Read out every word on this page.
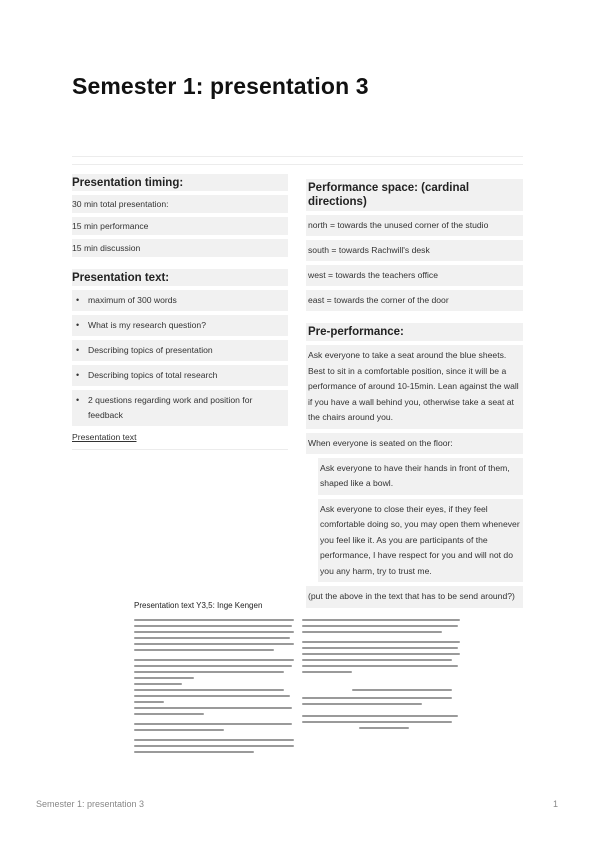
Semester 1: presentation 3
Presentation timing:
30 min total presentation:
15 min performance
15 min discussion
Presentation text:
•	maximum of 300 words
•	What is my research question?
•	Describing topics of presentation
•	Describing topics of total research
•	2 questions regarding work and position for feedback
Presentation text
Performance space: (cardinal directions)
north = towards the unused corner of the studio
south = towards Rachwill's desk
west = towards the teachers office
east = towards the corner of the door
Pre-performance:
Ask everyone to take a seat around the blue sheets. Best to sit in a comfortable position, since it will be a performance of around 10-15min. Lean against the wall if you have a wall behind you, otherwise take a seat at the chairs around you.
When everyone is seated on the floor:
Ask everyone to have their hands in front of them, shaped like a bowl.
Ask everyone to close their eyes, if they feel comfortable doing so, you may open them whenever you feel like it. As you are participants of the performance, I have respect for you and will not do you any harm, try to trust me.
(put the above in the text that has to be send around?)
Presentation text Y3,5: Inge Kengen
Semester 1: presentation 3	1
